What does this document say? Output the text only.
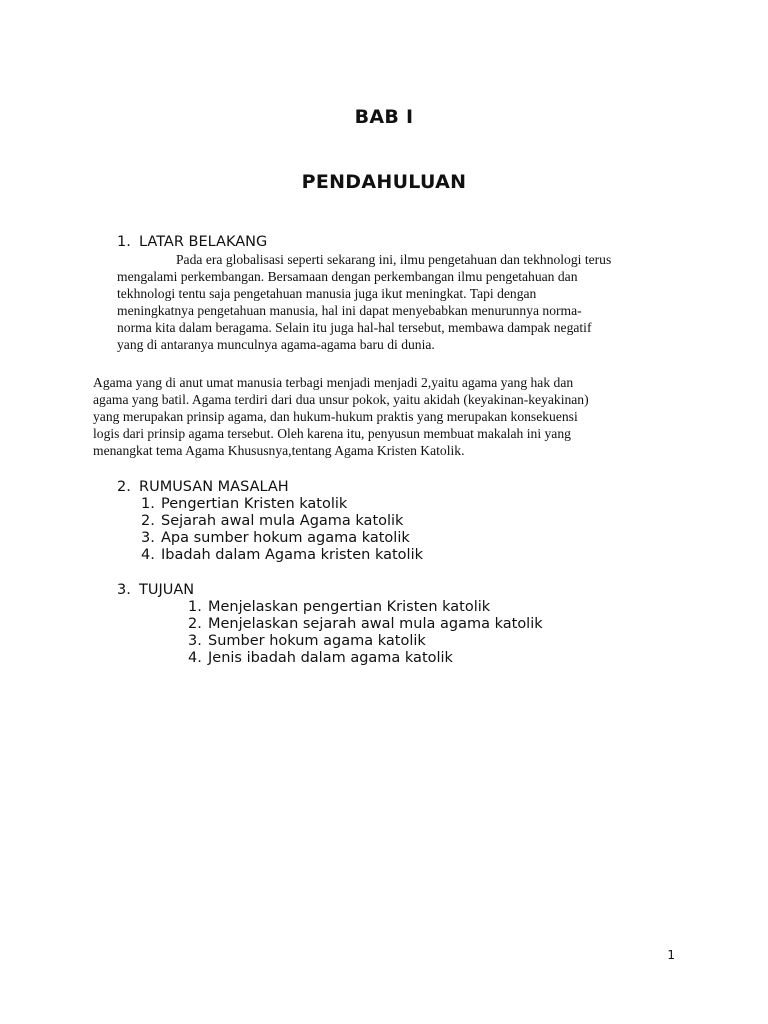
BAB I
PENDAHULUAN
1. LATAR BELAKANG
Pada era globalisasi seperti sekarang ini, ilmu pengetahuan dan tekhnologi terus
mengalami perkembangan. Bersamaan dengan perkembangan ilmu pengetahuan dan
tekhnologi tentu saja pengetahuan manusia juga ikut meningkat. Tapi dengan
meningkatnya pengetahuan manusia, hal ini dapat menyebabkan menurunnya norma-
norma kita dalam beragama. Selain itu juga hal-hal tersebut, membawa dampak negatif
yang di antaranya munculnya agama-agama baru di dunia.
Agama yang di anut umat manusia terbagi menjadi menjadi 2,yaitu agama yang hak dan
agama yang batil. Agama terdiri dari dua unsur pokok, yaitu akidah (keyakinan-keyakinan)
yang merupakan prinsip agama, dan hukum-hukum praktis yang merupakan konsekuensi
logis dari prinsip agama tersebut. Oleh karena itu, penyusun membuat makalah ini yang
menangkat tema Agama Khususnya,tentang Agama Kristen Katolik.
2. RUMUSAN MASALAH
1. Pengertian Kristen katolik
2. Sejarah awal mula Agama katolik
3. Apa sumber hokum agama katolik
4. Ibadah dalam Agama kristen katolik
3. TUJUAN
1. Menjelaskan pengertian Kristen katolik
2. Menjelaskan sejarah awal mula agama katolik
3. Sumber hokum agama katolik
4. Jenis ibadah dalam agama katolik
1
